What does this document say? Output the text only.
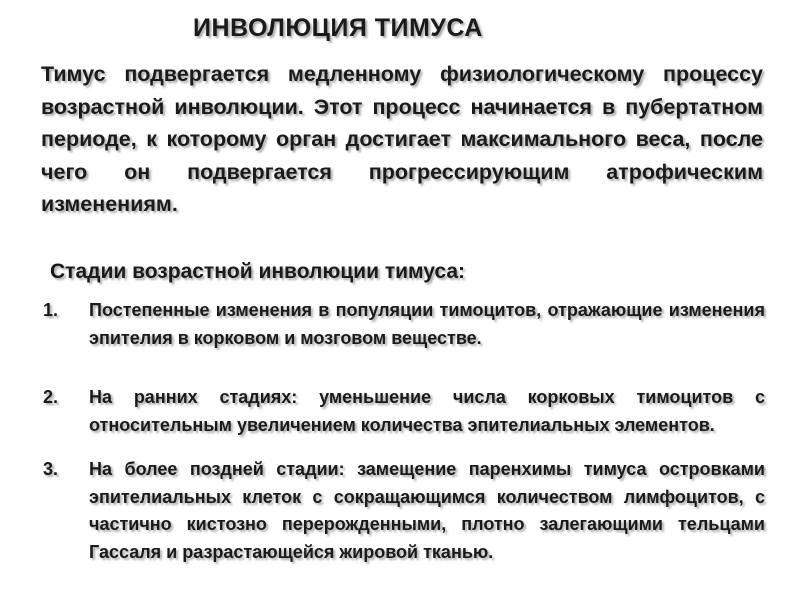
ИНВОЛЮЦИЯ ТИМУСА
Тимус подвергается медленному физиологическому процессу возрастной инволюции. Этот процесс начинается в пубертатном периоде, к которому орган достигает максимального веса, после чего он подвергается прогрессирующим атрофическим изменениям.
Стадии возрастной инволюции тимуса:
1. Постепенные изменения в популяции тимоцитов, отражающие изменения эпителия в корковом и мозговом веществе.
2. На ранних стадиях: уменьшение числа корковых тимоцитов с относительным увеличением количества эпителиальных элементов.
3. На более поздней стадии: замещение паренхимы тимуса островками эпителиальных клеток с сокращающимся количеством лимфоцитов, с частично кистозно перерожденными, плотно залегающими тельцами Гассаля и разрастающейся жировой тканью.
